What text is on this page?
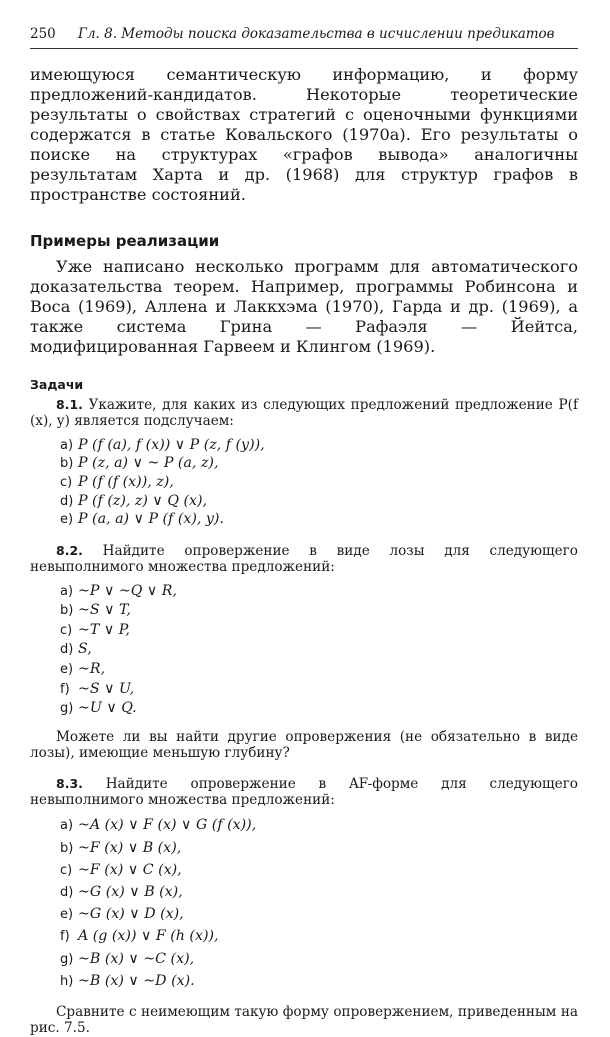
250	Гл. 8. Методы поиска доказательства в исчислении предикатов

имеющуюся семантическую информацию, и форму предложений-кандидатов. Некоторые теоретические результаты о свойствах стратегий с оценочными функциями содержатся в статье Ковальского (1970а). Его результаты о поиске на структурах «графов вывода» аналогичны результатам Харта и др. (1968) для структур графов в пространстве состояний.

Примеры реализации

Уже написано несколько программ для автоматического доказательства теорем. Например, программы Робинсона и Воса (1969), Аллена и Лаккхэма (1970), Гарда и др. (1969), а также система Грина — Рафаэля — Йейтса, модифицированная Гарвеем и Клингом (1969).

Задачи

8.1. Укажите, для каких из следующих предложений предложение P(f (x), y) является подслучаем:

a) P (f (a), f (x)) ∨ P (z, f (y)),
b) P (z, a) ∨ ~ P (a, z),
c) P (f (f (x)), z),
d) P (f (z), z) ∨ Q (x),
e) P (a, a) ∨ P (f (x), y).

8.2. Найдите опровержение в виде лозы для следующего невыполнимого множества предложений:

a) ~P ∨ ~Q ∨ R,
b) ~S ∨ T,
c) ~T ∨ P,
d) S,
e) ~R,
f) ~S ∨ U,
g) ~U ∨ Q.

Можете ли вы найти другие опровержения (не обязательно в виде лозы), имеющие меньшую глубину?

8.3. Найдите опровержение в AF-форме для следующего невыполнимого множества предложений:

a) ~A (x) ∨ F (x) ∨ G (f (x)),
b) ~F (x) ∨ B (x),
c) ~F (x) ∨ C (x),
d) ~G (x) ∨ B (x),
e) ~G (x) ∨ D (x),
f) A (g (x)) ∨ F (h (x)),
g) ~B (x) ∨ ~C (x),
h) ~B (x) ∨ ~D (x).

Сравните с неимеющим такую форму опровержением, приведенным на рис. 7.5.
